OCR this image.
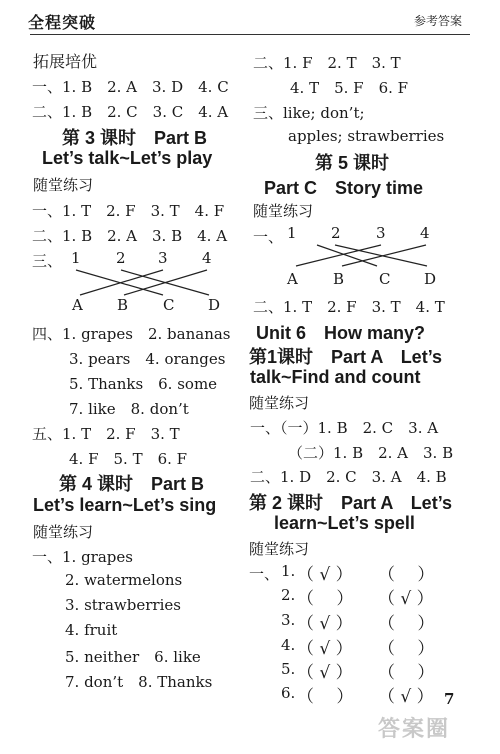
全程突破	参考答案
拓展培优
一、1. B　2. A　3. D　4. C
二、1. B　2. C　3. C　4. A
第 3 课时　Part B
Let’s talk~Let’s play
随堂练习
一、1. T　2. F　3. T　4. F
二、1. B　2. A　3. B　4. A
三、 1 2 3 4
A B C D
四、1. grapes　2. bananas
3. pears　4. oranges
5. Thanks　6. some
7. like　8. don’t
五、1. T　2. F　3. T
4. F　5. T　6. F
第 4 课时　Part B
Let’s learn~Let’s sing
随堂练习
一、1. grapes
2. watermelons
3. strawberries
4. fruit
5. neither　6. like
7. don’t　8. Thanks
二、1. F　2. T　3. T
4. T　5. F　6. F
三、like; don’t;
apples; strawberries
第 5 课时
Part C　Story time
随堂练习
一、 1 2 3 4
A B C D
二、1. T　2. F　3. T　4. T
Unit 6　How many?
第1课时　Part A　Let’s
talk~Find and count
随堂练习
一、（一）1. B　2. C　3. A
（二）1. B　2. A　3. B
二、1. D　2. C　3. A　4. B
第 2 课时　Part A　Let’s
learn~Let’s spell
随堂练习
一、 1. （ √ ） （　 ）
2. （　 ） （ √ ）
3. （ √ ） （　 ）
4. （ √ ） （　 ）
5. （ √ ） （　 ）
6. （　 ） （ √ ）
答案圈
7
